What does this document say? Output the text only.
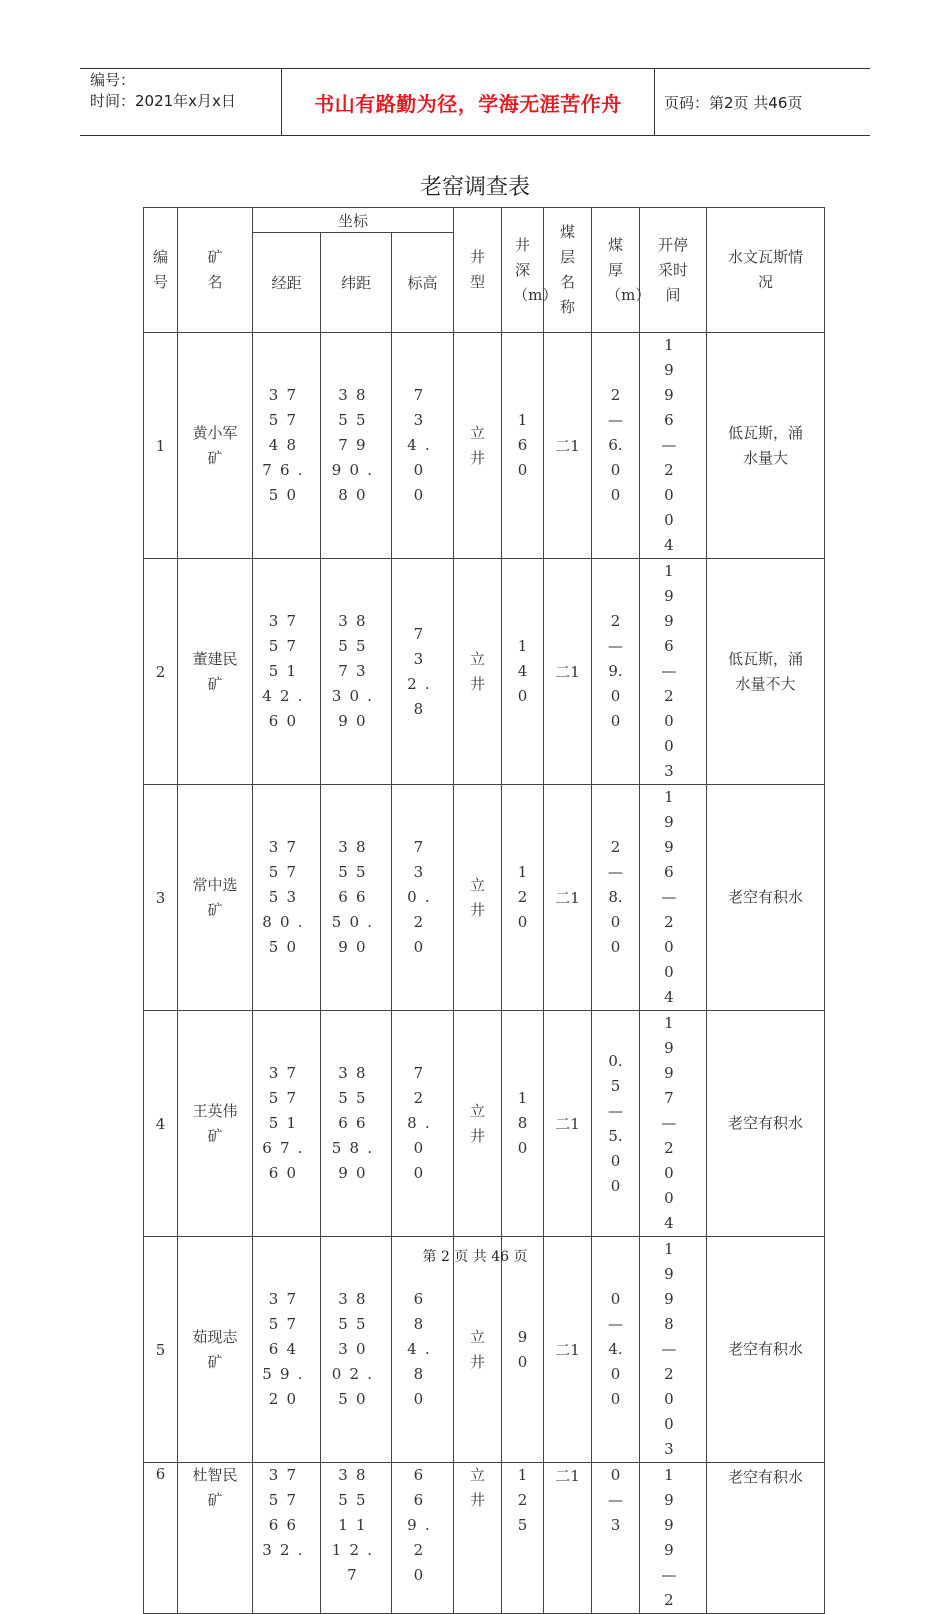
编号：
时间：2021年x月x日	书山有路勤为径，学海无涯苦作舟	页码：第2页 共46页
老窑调查表
编号	矿名	坐标			井型	井深（m）	煤层名称	煤厚（m）	开停采时间	水文瓦斯情况
		经距	纬距	标高						
1	黄小军矿	37574876.50	38557990.80	734.00	立井	160	二1	2—6.00	1996—2004	低瓦斯，涌水量大
2	董建民矿	37575142.60	38557330.90	732.8	立井	140	二1	2—9.00	1996—2003	低瓦斯，涌水量不大
3	常中选矿	37575380.50	38556650.90	730.20	立井	120	二1	2—8.00	1996—2004	老空有积水
4	王英伟矿	37575167.60	38556658.90	728.00	立井	180	二1	0.5—5.00	1997—2004	老空有积水
5	茹现志矿	37576459.20	38553002.50	684.80	立井	90	二1	0—4.00	1998—2003	老空有积水
6	杜智民矿	37576632.	38551112.7	669.20	立井	125	二1	0—3	1999—2	老空有积水
第 2 页 共 46 页
